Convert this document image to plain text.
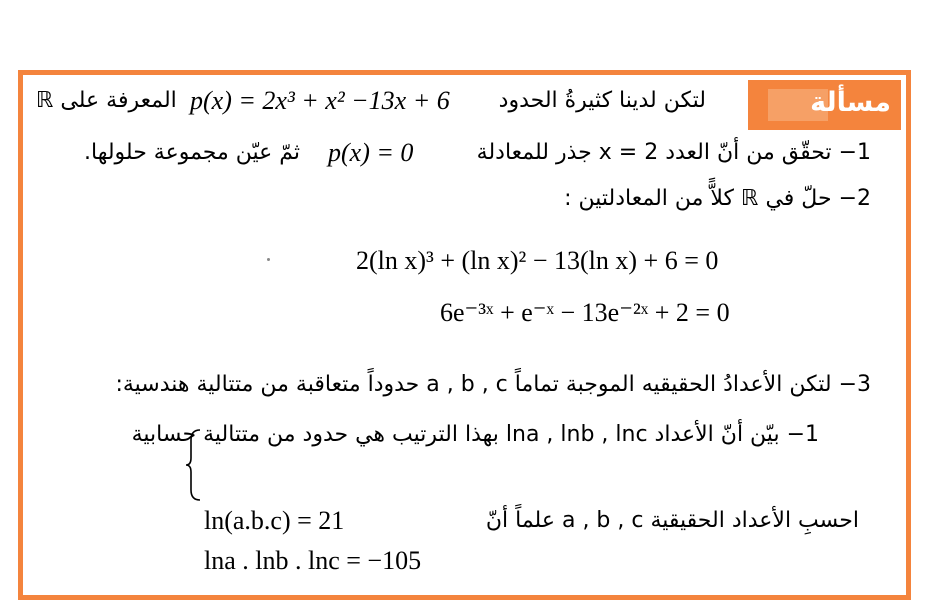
مسألة
لتكن لدينا كثيرةُ الحدود
p(x) = 2x³ + x² −13x + 6
المعرفة على ℝ
1− تحقّق من أنّ العدد 2 = x جذر للمعادلة
p(x) = 0
ثمّ عيّن مجموعة حلولها.
2− حلّ في ℝ كلاًّ من المعادلتين :
2(ln x)³ + (ln x)² − 13(ln x) + 6 = 0
6e⁻³ˣ + e⁻ˣ − 13e⁻²ˣ + 2 = 0
3− لتكن الأعدادُ الحقيقيه الموجبة تماماً a , b , c حدوداً متعاقبة من متتالية هندسية:
1− بيّن أنّ الأعداد lna , lnb , lnc بهذا الترتيب هي حدود من متتالية حسابية
احسبِ الأعداد الحقيقية a , b , c علماً أنّ
ln(a.b.c) = 21
lna . lnb . lnc = −105
